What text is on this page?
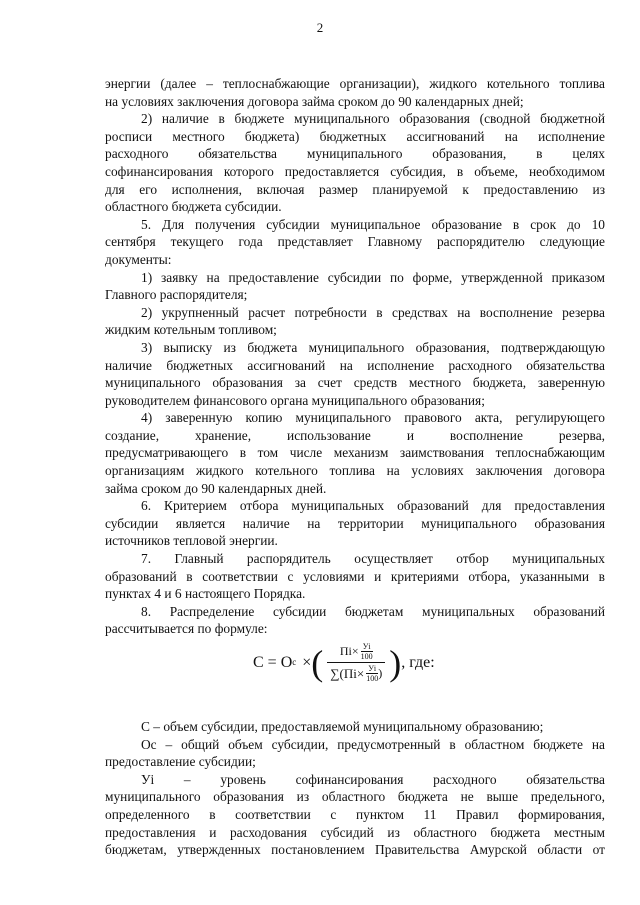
2
энергии (далее – теплоснабжающие организации), жидкого котельного топлива
на условиях заключения договора займа сроком до 90 календарных дней;
2) наличие в бюджете муниципального образования (сводной бюджетной
росписи местного бюджета) бюджетных ассигнований на исполнение
расходного обязательства муниципального образования, в целях
софинансирования которого предоставляется субсидия, в объеме, необходимом
для его исполнения, включая размер планируемой к предоставлению из
областного бюджета субсидии.
5. Для получения субсидии муниципальное образование в срок до 10
сентября текущего года представляет Главному распорядителю следующие
документы:
1) заявку на предоставление субсидии по форме, утвержденной приказом
Главного распорядителя;
2) укрупненный расчет потребности в средствах на восполнение резерва
жидким котельным топливом;
3) выписку из бюджета муниципального образования, подтверждающую
наличие бюджетных ассигнований на исполнение расходного обязательства
муниципального образования за счет средств местного бюджета, заверенную
руководителем финансового органа муниципального образования;
4) заверенную копию муниципального правового акта, регулирующего
создание, хранение, использование и восполнение резерва,
предусматривающего в том числе механизм заимствования теплоснабжающим
организациям жидкого котельного топлива на условиях заключения договора
займа сроком до 90 календарных дней.
6. Критерием отбора муниципальных образований для предоставления
субсидии является наличие на территории муниципального образования
источников тепловой энергии.
7. Главный распорядитель осуществляет отбор муниципальных
образований в соответствии с условиями и критериями отбора, указанными в
пунктах 4 и 6 настоящего Порядка.
8. Распределение субсидии бюджетам муниципальных образований
рассчитывается по формуле:
С = О с × ( Пi× Уi
100
∑(Пi× Уi
100 ) ) , где:
С – объем субсидии, предоставляемой муниципальному образованию;
Ос – общий объем субсидии, предусмотренный в областном бюджете на
предоставление субсидии;
Уi – уровень софинансирования расходного обязательства
муниципального образования из областного бюджета не выше предельного,
определенного в соответствии с пунктом 11 Правил формирования,
предоставления и расходования субсидий из областного бюджета местным
бюджетам, утвержденных постановлением Правительства Амурской области от
